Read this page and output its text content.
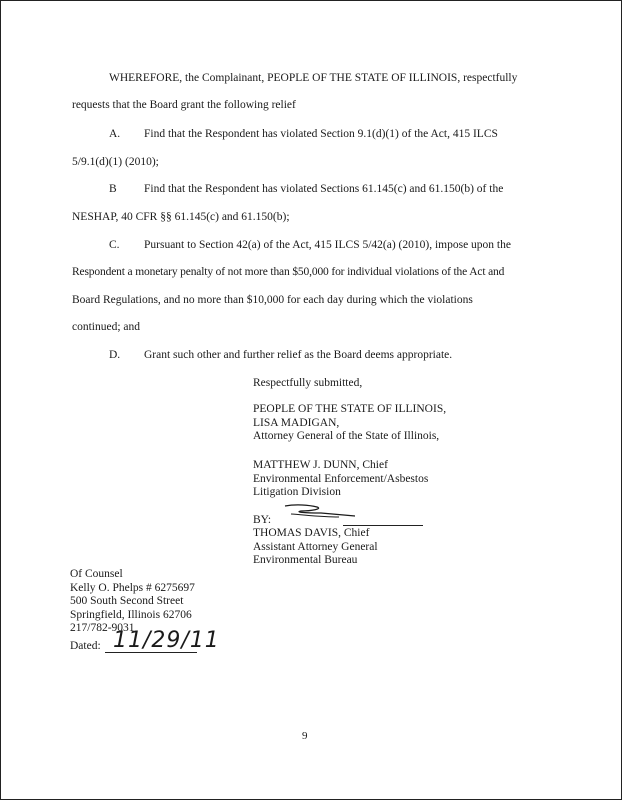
WHEREFORE, the Complainant, PEOPLE OF THE STATE OF ILLINOIS, respectfully
requests that the Board grant the following relief
A. Find that the Respondent has violated Section 9.1(d)(1) of the Act, 415 ILCS
5/9.1(d)(1) (2010);
B Find that the Respondent has violated Sections 61.145(c) and 61.150(b) of the
NESHAP, 40 CFR §§ 61.145(c) and 61.150(b);
C. Pursuant to Section 42(a) of the Act, 415 ILCS 5/42(a) (2010), impose upon the
Respondent a monetary penalty of not more than $50,000 for individual violations of the Act and
Board Regulations, and no more than $10,000 for each day during which the violations
continued; and
D. Grant such other and further relief as the Board deems appropriate.
Respectfully submitted,
PEOPLE OF THE STATE OF ILLINOIS,
LISA MADIGAN,
Attorney General of the State of Illinois,
MATTHEW J. DUNN, Chief
Environmental Enforcement/Asbestos
Litigation Division
BY:
THOMAS DAVIS, Chief
Assistant Attorney General
Environmental Bureau
Of Counsel
Kelly O. Phelps # 6275697
500 South Second Street
Springfield, Illinois 62706
217/782-9031
Dated: 11/29/11
9
